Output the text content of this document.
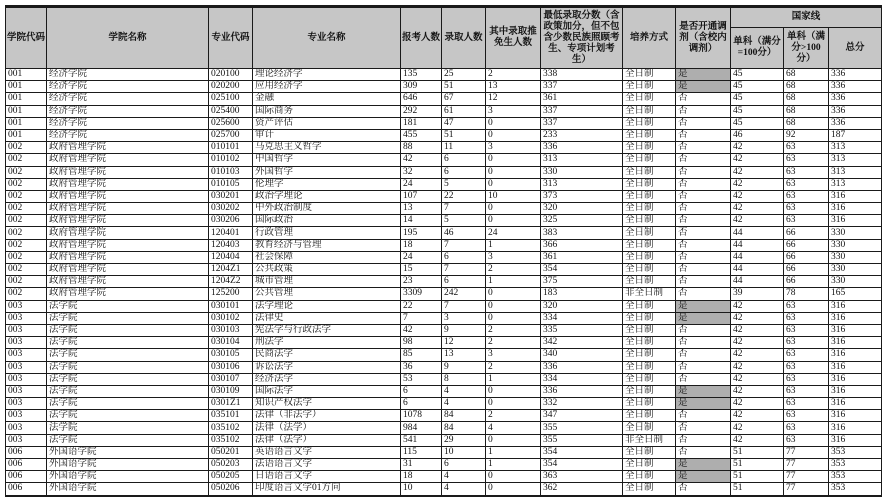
学院代码	学院名称	专业代码	专业名称	报考人数	录取人数	其中录取推免生人数	最低录取分数（含政策加分，但不包含少数民族照顾考生、专项计划考生）	培养方式	是否开通调剂（含校内调剂）	国家线		
										单科（满分=100分）	单科（满分>100分）	总分
001	经济学院	020100	理论经济学	135	25	2	338	全日制	是	45	68	336
001	经济学院	020200	应用经济学	309	51	13	337	全日制	是	45	68	336
001	经济学院	025100	金融	646	67	12	361	全日制	否	45	68	336
001	经济学院	025400	国际商务	292	61	3	337	全日制	否	45	68	336
001	经济学院	025600	资产评估	181	47	0	337	全日制	否	45	68	336
001	经济学院	025700	审计	455	51	0	233	全日制	否	46	92	187
002	政府管理学院	010101	马克思主义哲学	88	11	3	336	全日制	否	42	63	313
002	政府管理学院	010102	中国哲学	42	6	0	313	全日制	否	42	63	313
002	政府管理学院	010103	外国哲学	32	6	0	330	全日制	否	42	63	313
002	政府管理学院	010105	伦理学	24	5	0	313	全日制	否	42	63	313
002	政府管理学院	030201	政治学理论	107	22	10	373	全日制	否	42	63	316
002	政府管理学院	030202	中外政治制度	13	7	0	320	全日制	否	42	63	316
002	政府管理学院	030206	国际政治	14	5	0	325	全日制	否	42	63	316
002	政府管理学院	120401	行政管理	195	46	24	383	全日制	否	44	66	330
002	政府管理学院	120403	教育经济与管理	18	7	1	366	全日制	否	44	66	330
002	政府管理学院	120404	社会保障	24	6	3	361	全日制	否	44	66	330
002	政府管理学院	1204Z1	公共政策	15	7	2	354	全日制	否	44	66	330
002	政府管理学院	1204Z2	城市管理	23	6	1	375	全日制	否	44	66	330
002	政府管理学院	125200	公共管理	3309	242	0	183	非全日制	否	39	78	165
003	法学院	030101	法学理论	22	7	0	320	全日制	是	42	63	316
003	法学院	030102	法律史	7	3	0	334	全日制	是	42	63	316
003	法学院	030103	宪法学与行政法学	42	9	2	335	全日制	否	42	63	316
003	法学院	030104	刑法学	98	12	2	342	全日制	否	42	63	316
003	法学院	030105	民商法学	85	13	3	340	全日制	否	42	63	316
003	法学院	030106	诉讼法学	36	9	2	336	全日制	否	42	63	316
003	法学院	030107	经济法学	53	8	1	334	全日制	否	42	63	316
003	法学院	030109	国际法学	6	4	0	336	全日制	是	42	63	316
003	法学院	0301Z1	知识产权法学	6	4	0	332	全日制	是	42	63	316
003	法学院	035101	法律（非法学）	1078	84	2	347	全日制	否	42	63	316
003	法学院	035102	法律（法学）	984	84	4	355	全日制	否	42	63	316
003	法学院	035102	法律（法学）	541	29	0	355	非全日制	否	42	63	316
006	外国语学院	050201	英语语言文学	115	10	1	354	全日制	否	51	77	353
006	外国语学院	050203	法语语言文学	31	6	1	354	全日制	是	51	77	353
006	外国语学院	050205	日语语言文学	18	4	0	363	全日制	是	51	77	353
006	外国语学院	050206	印度语言文学01方向	10	4	0	362	全日制	否	51	77	353
